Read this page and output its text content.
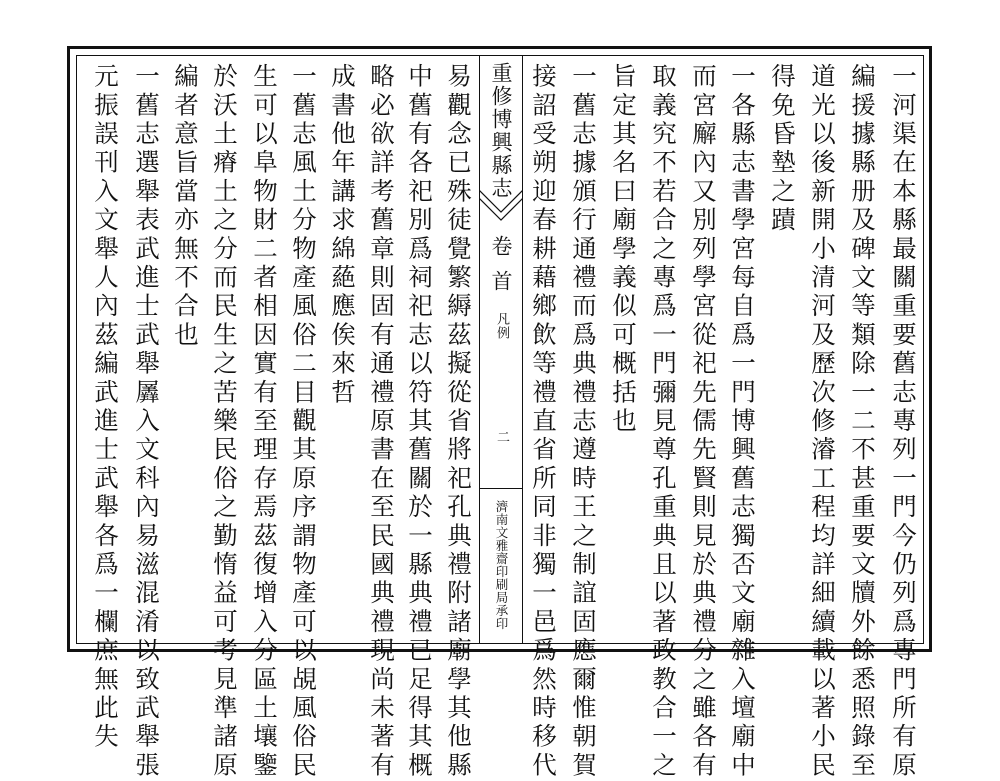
重修博興縣志
卷首
凡例
二
濟南文雅齋印刷局承印	一河渠在本縣最關重要舊志專列一門今仍列爲專門所有原
編援據縣册及碑文等類除一二不甚重要文牘外餘悉照錄至
道光以後新開小清河及歷次修濬工程均詳細續載以著小民
得免昏墊之蹟
一各縣志書學宮每自爲一門博興舊志獨否文廟雜入壇廟中
而宮廨內又別列學宮從祀先儒先賢則見於典禮分之雖各有
取義究不若合之專爲一門彌見尊孔重典且以著政教合一之
旨定其名曰廟學義似可概括也
一舊志據頒行通禮而爲典禮志遵時王之制誼固應爾惟朝賀
接詔受朔迎春耕藉鄉飲等禮直省所同非獨一邑爲然時移代
易觀念已殊徒覺繁縟茲擬從省將祀孔典禮附諸廟學其他縣
中舊有各祀別爲祠祀志以符其舊關於一縣典禮已足得其概
略必欲詳考舊章則固有通禮原書在至民國典禮現尚未著有
成書他年講求綿蕝應俟來哲
一舊志風土分物產風俗二目觀其原序謂物產可以覘風俗民
生可以阜物財二者相因實有至理存焉茲復增入分區土壤鑒
於沃土瘠土之分而民生之苦樂民俗之勤惰益可考見準諸原
編者意旨當亦無不合也
一舊志選舉表武進士武舉羼入文科內易滋混淆以致武舉張
元振誤刊入文舉人內茲編武進士武舉各爲一欄庶無此失
